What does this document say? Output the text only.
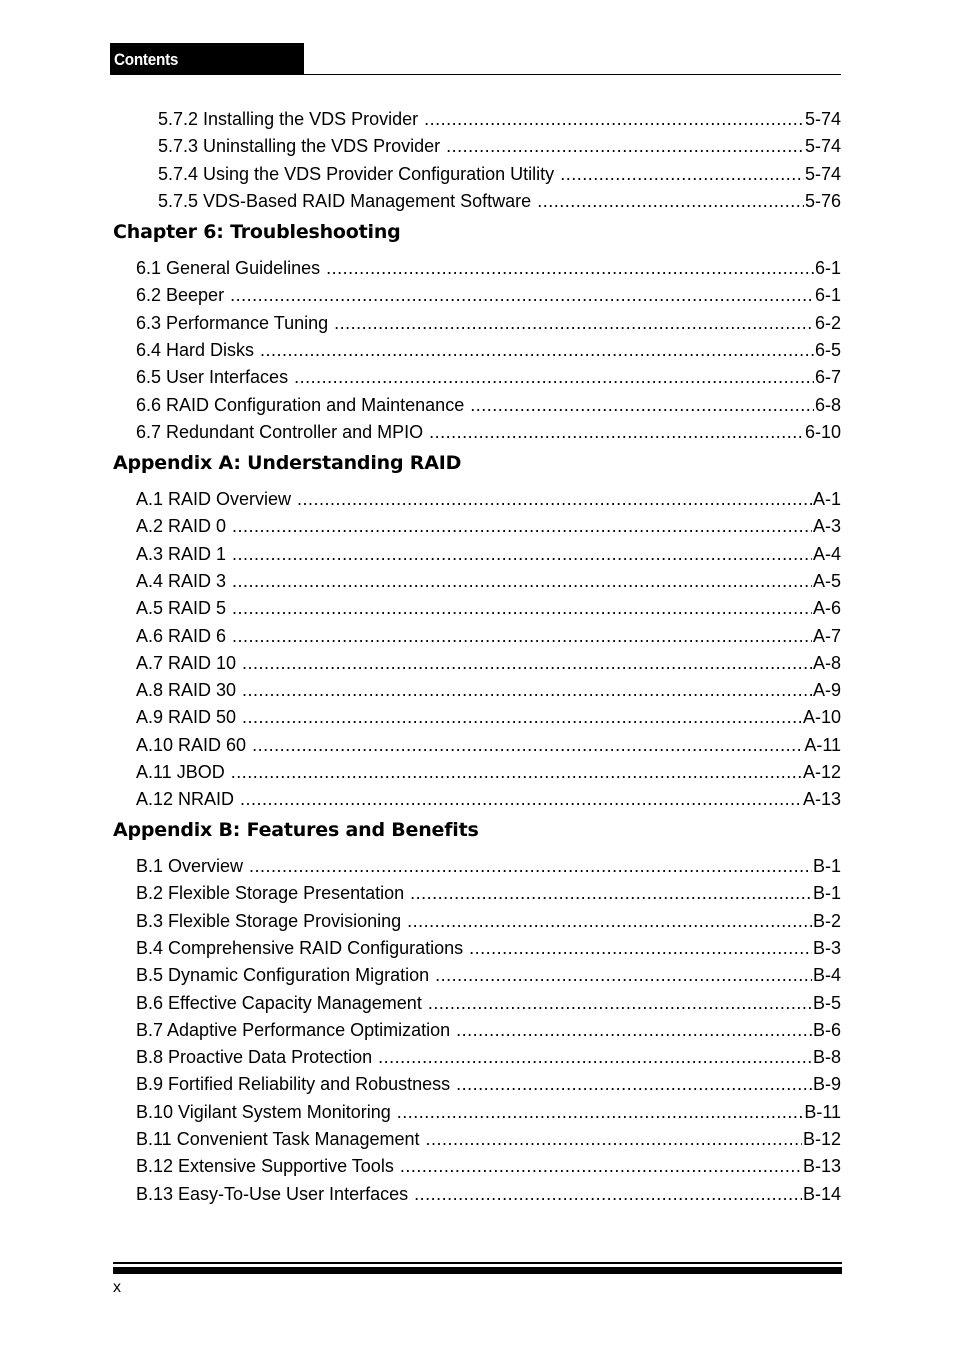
Contents
5.7.2 Installing the VDS Provider .....	5-74
5.7.3 Uninstalling the VDS Provider .....	5-74
5.7.4 Using the VDS Provider Configuration Utility .....	5-74
5.7.5 VDS-Based RAID Management Software .....	5-76
Chapter 6: Troubleshooting
6.1 General Guidelines .....	6-1
6.2 Beeper .....	6-1
6.3 Performance Tuning .....	6-2
6.4 Hard Disks .....	6-5
6.5 User Interfaces .....	6-7
6.6 RAID Configuration and Maintenance .....	6-8
6.7 Redundant Controller and MPIO .....	6-10
Appendix A: Understanding RAID
A.1 RAID Overview .....	A-1
A.2 RAID 0 .....	A-3
A.3 RAID 1 .....	A-4
A.4 RAID 3 .....	A-5
A.5 RAID 5 .....	A-6
A.6 RAID 6 .....	A-7
A.7 RAID 10 .....	A-8
A.8 RAID 30 .....	A-9
A.9 RAID 50 .....	A-10
A.10 RAID 60 .....	A-11
A.11 JBOD .....	A-12
A.12 NRAID .....	A-13
Appendix B: Features and Benefits
B.1 Overview .....	B-1
B.2 Flexible Storage Presentation .....	B-1
B.3 Flexible Storage Provisioning .....	B-2
B.4 Comprehensive RAID Configurations .....	B-3
B.5 Dynamic Configuration Migration .....	B-4
B.6 Effective Capacity Management .....	B-5
B.7 Adaptive Performance Optimization .....	B-6
B.8 Proactive Data Protection .....	B-8
B.9 Fortified Reliability and Robustness .....	B-9
B.10 Vigilant System Monitoring .....	B-11
B.11 Convenient Task Management .....	B-12
B.12 Extensive Supportive Tools .....	B-13
B.13 Easy-To-Use User Interfaces .....	B-14
x
